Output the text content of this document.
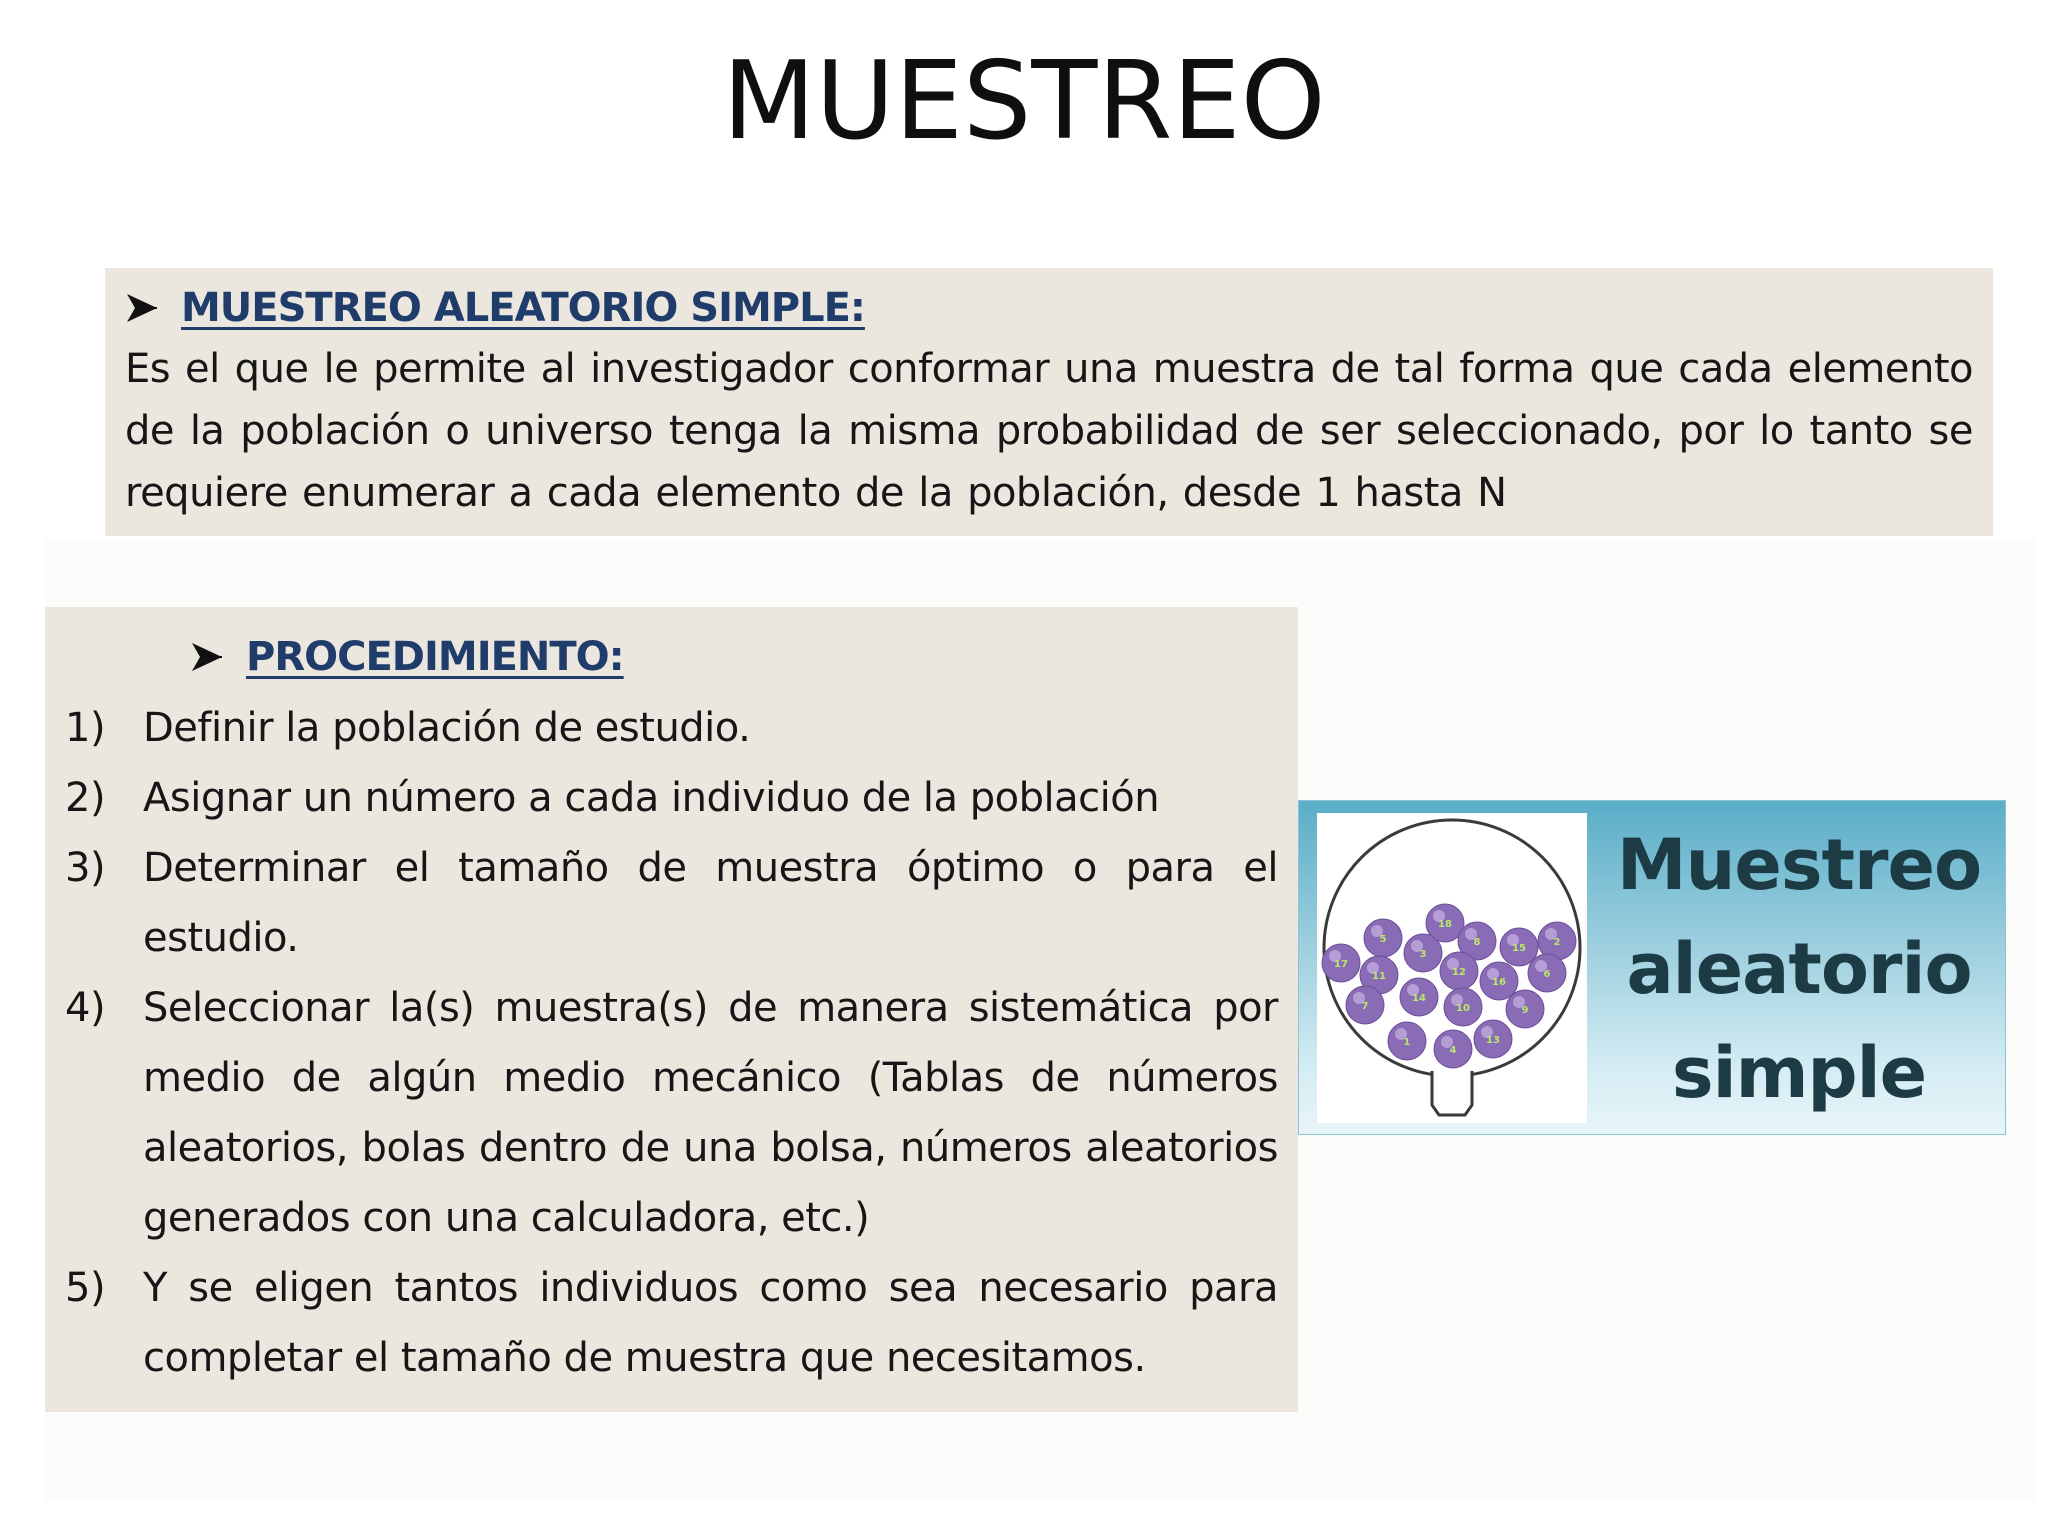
MUESTREO
MUESTREO ALEATORIO SIMPLE:

Es el que le permite al investigador conformar una muestra de tal forma que cada elemento de la población o universo tenga la misma probabilidad de ser seleccionado, por lo tanto se requiere enumerar a cada elemento de la población, desde 1 hasta N

PROCEDIMIENTO:
1) Definir la población de estudio.
2) Asignar un número a cada individuo de la población
3) Determinar el tamaño de muestra óptimo o para el estudio.
4) Seleccionar la(s) muestra(s) de manera sistemática por medio de algún medio mecánico (Tablas de números aleatorios, bolas dentro de una bolsa, números aleatorios generados con una calculadora, etc.)
5) Y se eligen tantos individuos como sea necesario para completar el tamaño de muestra que necesitamos.
18
5
3
8
15
2
17
11	12
16
6
7
14
10	9
1
4
13
Muestreo
aleatorio
simple
